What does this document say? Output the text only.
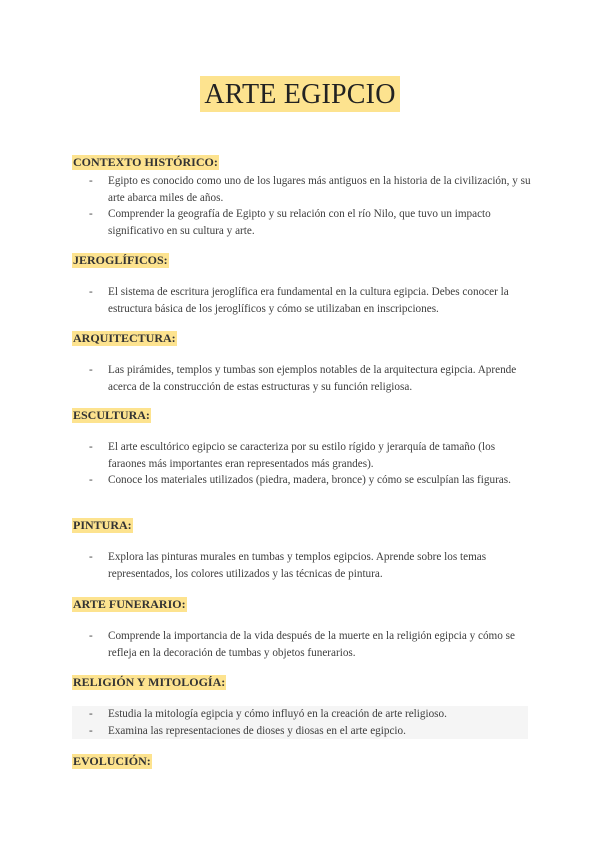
ARTE EGIPCIO
CONTEXTO HISTÓRICO:
- Egipto es conocido como uno de los lugares más antiguos en la historia de la civilización, y su arte abarca miles de años.
- Comprender la geografía de Egipto y su relación con el río Nilo, que tuvo un impacto significativo en su cultura y arte.
JEROGLÍFICOS:
- El sistema de escritura jeroglífica era fundamental en la cultura egipcia. Debes conocer la estructura básica de los jeroglíficos y cómo se utilizaban en inscripciones.
ARQUITECTURA:
- Las pirámides, templos y tumbas son ejemplos notables de la arquitectura egipcia. Aprende acerca de la construcción de estas estructuras y su función religiosa.
ESCULTURA:
- El arte escultórico egipcio se caracteriza por su estilo rígido y jerarquía de tamaño (los faraones más importantes eran representados más grandes).
- Conoce los materiales utilizados (piedra, madera, bronce) y cómo se esculpían las figuras.
PINTURA:
- Explora las pinturas murales en tumbas y templos egipcios. Aprende sobre los temas representados, los colores utilizados y las técnicas de pintura.
ARTE FUNERARIO:
- Comprende la importancia de la vida después de la muerte en la religión egipcia y cómo se refleja en la decoración de tumbas y objetos funerarios.
RELIGIÓN Y MITOLOGÍA:
- Estudia la mitología egipcia y cómo influyó en la creación de arte religioso.
- Examina las representaciones de dioses y diosas en el arte egipcio.
EVOLUCIÓN:
